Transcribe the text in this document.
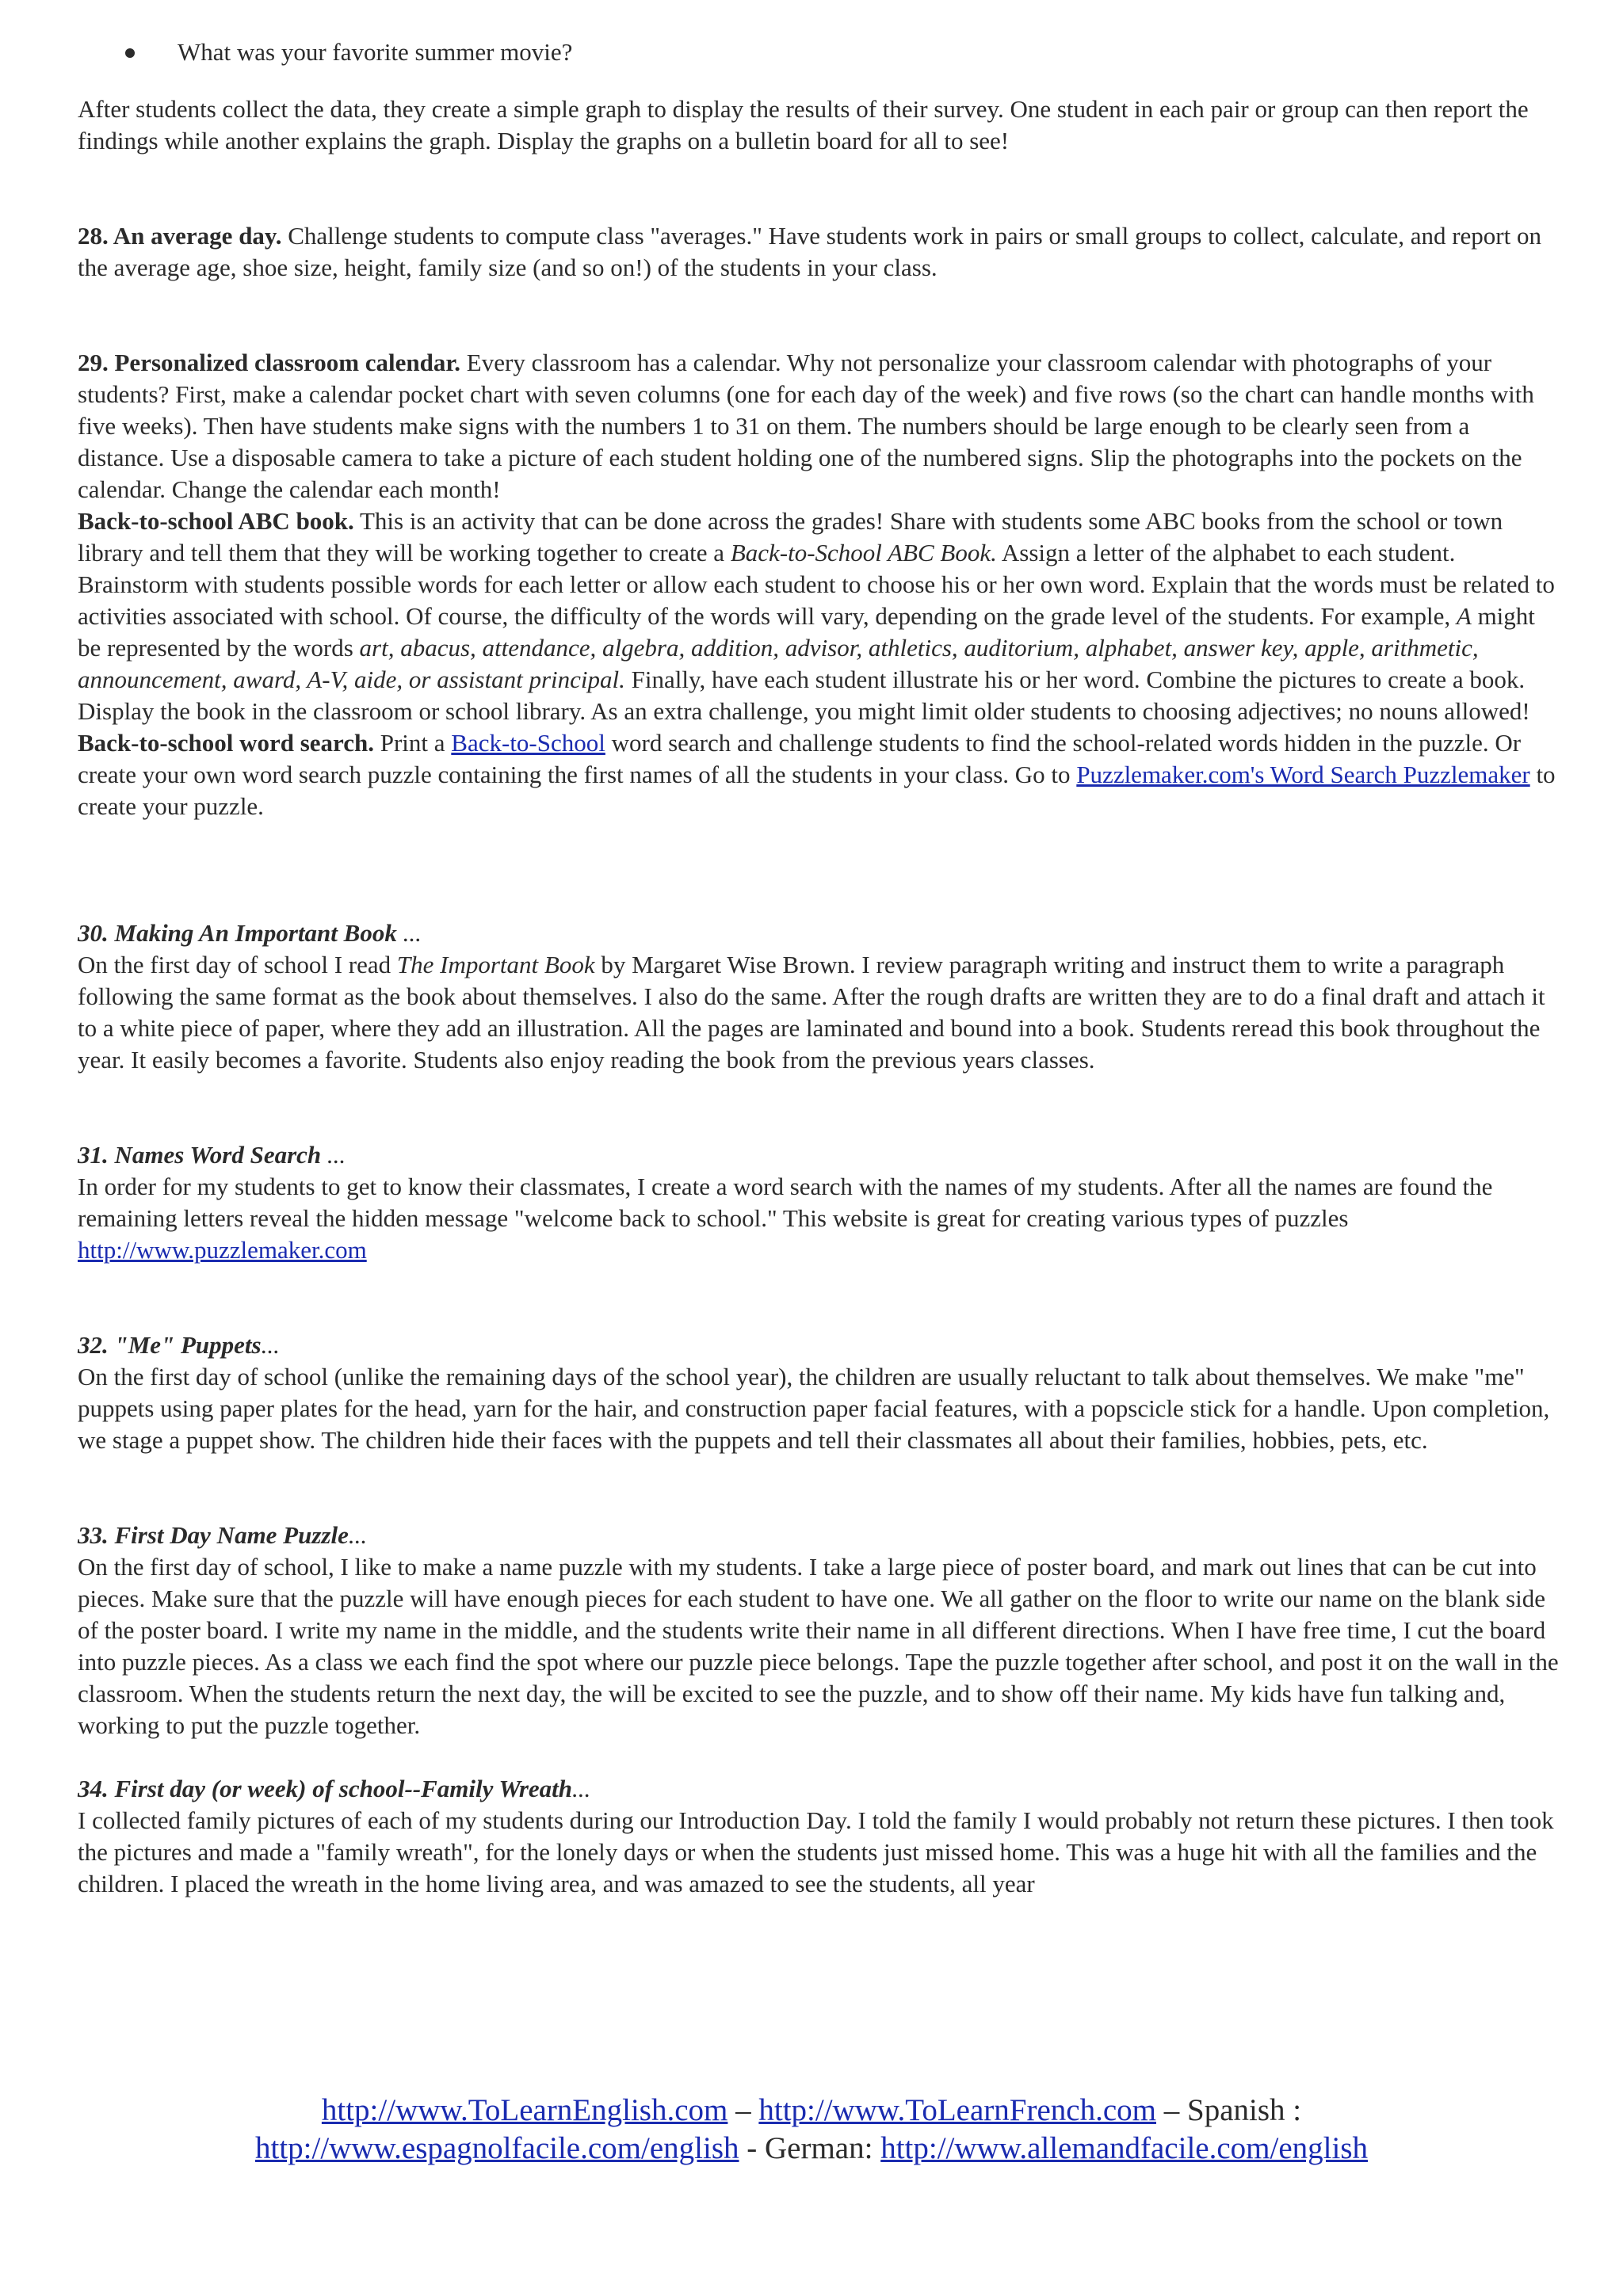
What was your favorite summer movie?

After students collect the data, they create a simple graph to display the results of their survey. One student in each pair or group can then report the findings while another explains the graph. Display the graphs on a bulletin board for all to see!

28. An average day. Challenge students to compute class "averages." Have students work in pairs or small groups to collect, calculate, and report on the average age, shoe size, height, family size (and so on!) of the students in your class.

29. Personalized classroom calendar. Every classroom has a calendar. Why not personalize your classroom calendar with photographs of your students? First, make a calendar pocket chart with seven columns (one for each day of the week) and five rows (so the chart can handle months with five weeks). Then have students make signs with the numbers 1 to 31 on them. The numbers should be large enough to be clearly seen from a distance. Use a disposable camera to take a picture of each student holding one of the numbered signs. Slip the photographs into the pockets on the calendar. Change the calendar each month!

Back-to-school ABC book. This is an activity that can be done across the grades! Share with students some ABC books from the school or town library and tell them that they will be working together to create a Back-to-School ABC Book. Assign a letter of the alphabet to each student. Brainstorm with students possible words for each letter or allow each student to choose his or her own word. Explain that the words must be related to activities associated with school. Of course, the difficulty of the words will vary, depending on the grade level of the students. For example, A might be represented by the words art, abacus, attendance, algebra, addition, advisor, athletics, auditorium, alphabet, answer key, apple, arithmetic, announcement, award, A-V, aide, or assistant principal. Finally, have each student illustrate his or her word. Combine the pictures to create a book. Display the book in the classroom or school library. As an extra challenge, you might limit older students to choosing adjectives; no nouns allowed!

Back-to-school word search. Print a Back-to-School word search and challenge students to find the school-related words hidden in the puzzle. Or create your own word search puzzle containing the first names of all the students in your class. Go to Puzzlemaker.com's Word Search Puzzlemaker to create your puzzle.

30. Making An Important Book ...

On the first day of school I read The Important Book by Margaret Wise Brown. I review paragraph writing and instruct them to write a paragraph following the same format as the book about themselves. I also do the same. After the rough drafts are written they are to do a final draft and attach it to a white piece of paper, where they add an illustration. All the pages are laminated and bound into a book. Students reread this book throughout the year. It easily becomes a favorite. Students also enjoy reading the book from the previous years classes.

31. Names Word Search ...

In order for my students to get to know their classmates, I create a word search with the names of my students. After all the names are found the remaining letters reveal the hidden message "welcome back to school." This website is great for creating various types of puzzles http://www.puzzlemaker.com

32. "Me" Puppets...

On the first day of school (unlike the remaining days of the school year), the children are usually reluctant to talk about themselves. We make "me" puppets using paper plates for the head, yarn for the hair, and construction paper facial features, with a popscicle stick for a handle. Upon completion, we stage a puppet show. The children hide their faces with the puppets and tell their classmates all about their families, hobbies, pets, etc.

33. First Day Name Puzzle...

On the first day of school, I like to make a name puzzle with my students. I take a large piece of poster board, and mark out lines that can be cut into pieces. Make sure that the puzzle will have enough pieces for each student to have one. We all gather on the floor to write our name on the blank side of the poster board. I write my name in the middle, and the students write their name in all different directions. When I have free time, I cut the board into puzzle pieces. As a class we each find the spot where our puzzle piece belongs. Tape the puzzle together after school, and post it on the wall in the classroom. When the students return the next day, the will be excited to see the puzzle, and to show off their name. My kids have fun talking and, working to put the puzzle together.

34. First day (or week) of school--Family Wreath...

I collected family pictures of each of my students during our Introduction Day. I told the family I would probably not return these pictures. I then took the pictures and made a "family wreath", for the lonely days or when the students just missed home. This was a huge hit with all the families and the children. I placed the wreath in the home living area, and was amazed to see the students, all year

http://www.ToLearnEnglish.com – http://www.ToLearnFrench.com – Spanish :
http://www.espagnolfacile.com/english - German: http://www.allemandfacile.com/english
